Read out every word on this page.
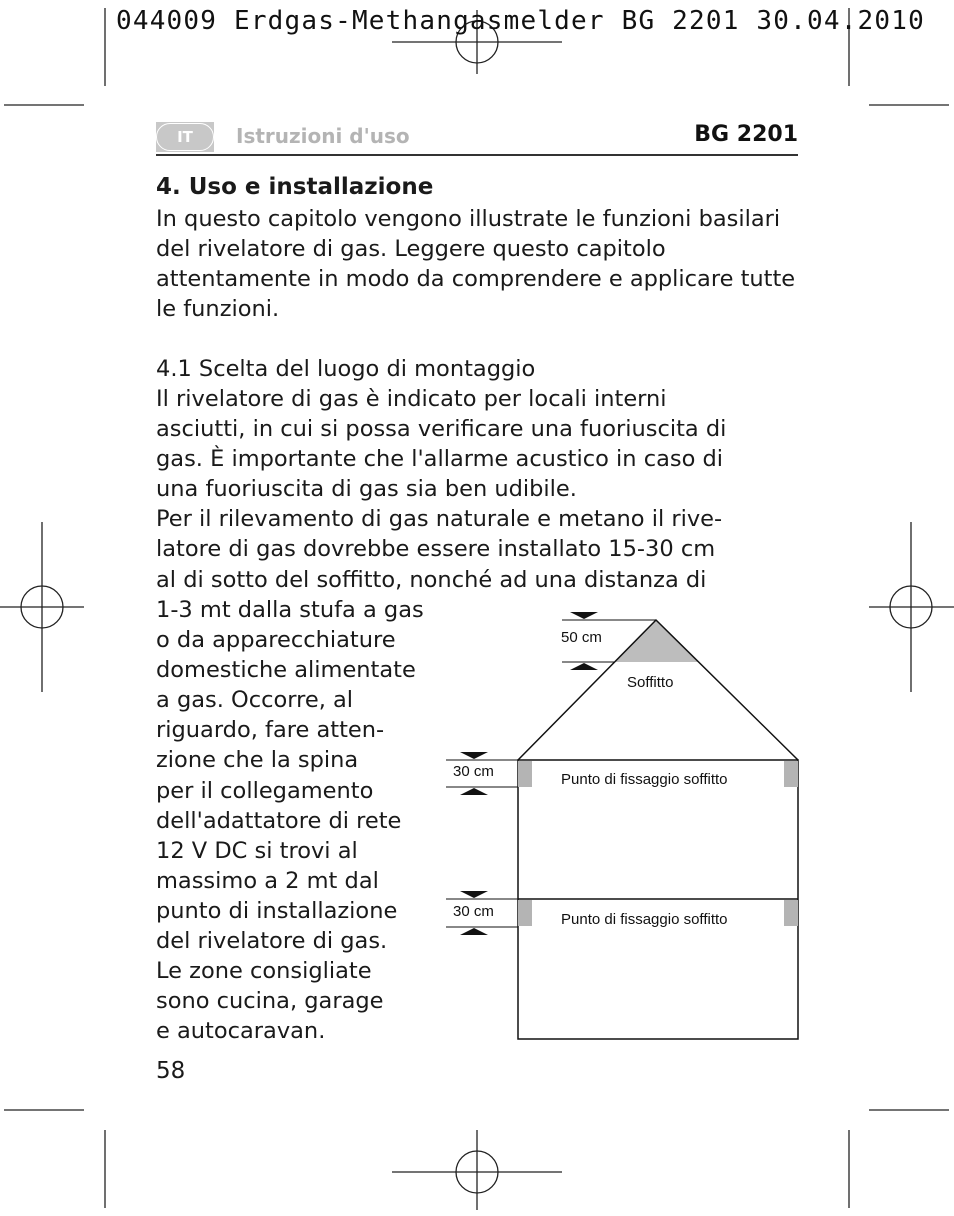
044009 Erdgas-Methangasmelder BG 2201 30.04.2010
IT	Istruzioni d'uso	BG 2201
4. Uso e installazione
In questo capitolo vengono illustrate le funzioni basilari del rivelatore di gas. Leggere questo capitolo attentamente in modo da comprendere e applicare tutte le funzioni.
4.1 Scelta del luogo di montaggio
Il rivelatore di gas è indicato per locali interni
asciutti, in cui si possa verificare una fuoriuscita di
gas. È importante che l'allarme acustico in caso di
una fuoriuscita di gas sia ben udibile.
Per il rilevamento di gas naturale e metano il rive-
latore di gas dovrebbe essere installato 15-30 cm
al di sotto del soffitto, nonché ad una distanza di
1-3 mt dalla stufa a gas
o da apparecchiature
domestiche alimentate
a gas. Occorre, al
riguardo, fare atten-
zione che la spina
per il collegamento
dell'adattatore di rete
12 V DC si trovi al
massimo a 2 mt dal
punto di installazione
del rivelatore di gas.
Le zone consigliate
sono cucina, garage
e autocaravan.
50 cm
Soffitto
30 cm	Punto di fissaggio soffitto
30 cm	Punto di fissaggio soffitto
58
